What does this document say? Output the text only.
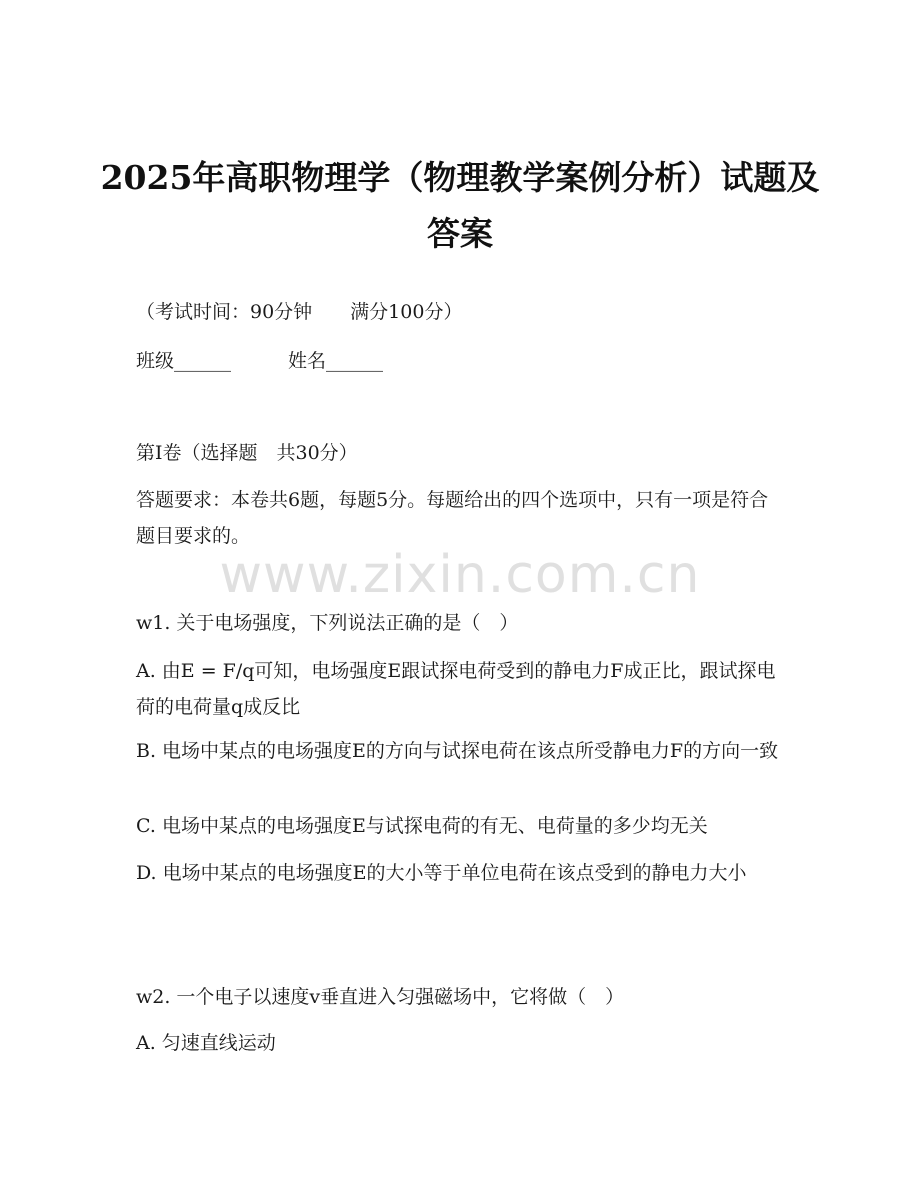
2025年高职物理学（物理教学案例分析）试题及答案

（考试时间：90分钟　　满分100分）

班级______　　　姓名______

第Ⅰ卷（选择题　共30分）

答题要求：本卷共6题，每题5分。每题给出的四个选项中，只有一项是符合题目要求的。

www.zixin.com.cn

w1. 关于电场强度，下列说法正确的是（　）

A. 由E = F/q可知，电场强度E跟试探电荷受到的静电力F成正比，跟试探电荷的电荷量q成反比

B. 电场中某点的电场强度E的方向与试探电荷在该点所受静电力F的方向一致

C. 电场中某点的电场强度E与试探电荷的有无、电荷量的多少均无关

D. 电场中某点的电场强度E的大小等于单位电荷在该点受到的静电力大小

w2. 一个电子以速度v垂直进入匀强磁场中，它将做（　）

A. 匀速直线运动
